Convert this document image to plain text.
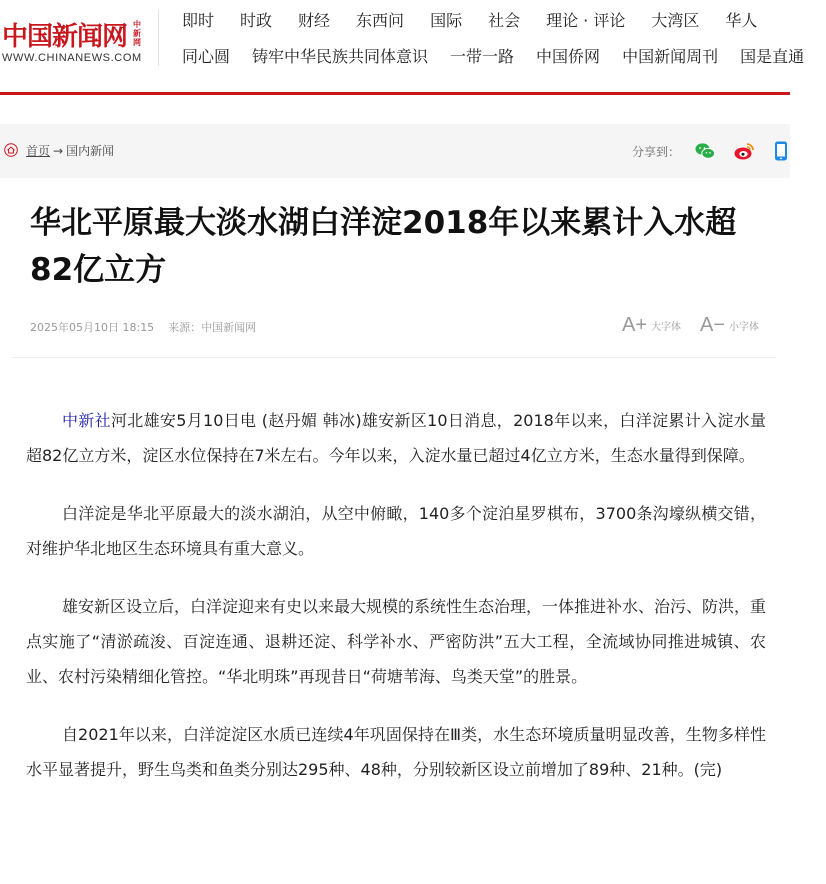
中国新闻网 中新网
WWW.CHINANEWS.COM
即时 时政 财经 东西问 国际 社会 理论 · 评论 大湾区 华人
同心圆 铸牢中华民族共同体意识 一带一路 中国侨网 中国新闻周刊 国是直通
首页 → 国内新闻	分享到：
华北平原最大淡水湖白洋淀2018年以来累计入水超82亿立方
2025年05月10日 18:15 来源：中国新闻网	A+ 大字体 A− 小字体

中新社河北雄安5月10日电 (赵丹媚 韩冰)雄安新区10日消息，2018年以来，白洋淀累计入淀水量超82亿立方米，淀区水位保持在7米左右。今年以来，入淀水量已超过4亿立方米，生态水量得到保障。

白洋淀是华北平原最大的淡水湖泊，从空中俯瞰，140多个淀泊星罗棋布，3700条沟壕纵横交错，对维护华北地区生态环境具有重大意义。

雄安新区设立后，白洋淀迎来有史以来最大规模的系统性生态治理，一体推进补水、治污、防洪，重点实施了“清淤疏浚、百淀连通、退耕还淀、科学补水、严密防洪”五大工程，全流域协同推进城镇、农业、农村污染精细化管控。“华北明珠”再现昔日“荷塘苇海、鸟类天堂”的胜景。

自2021年以来，白洋淀淀区水质已连续4年巩固保持在Ⅲ类，水生态环境质量明显改善，生物多样性水平显著提升，野生鸟类和鱼类分别达295种、48种，分别较新区设立前增加了89种、21种。(完)
